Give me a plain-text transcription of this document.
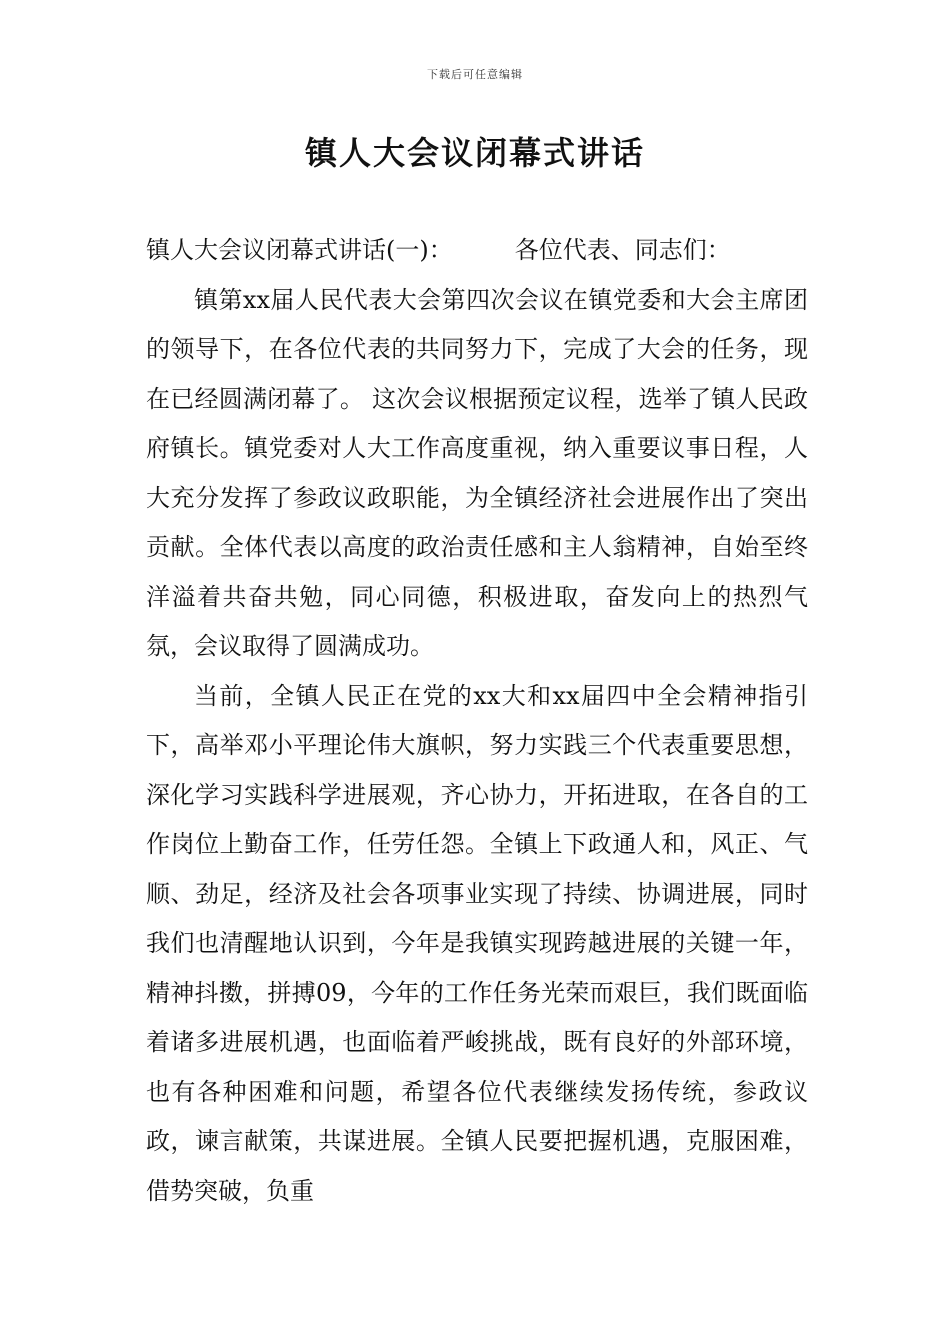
下载后可任意编辑
镇人大会议闭幕式讲话

镇人大会议闭幕式讲话(一)：	各位代表、同志们：

镇第xx届人民代表大会第四次会议在镇党委和大会主席团的领导下，在各位代表的共同努力下，完成了大会的任务，现在已经圆满闭幕了。 这次会议根据预定议程，选举了镇人民政府镇长。镇党委对人大工作高度重视，纳入重要议事日程，人大充分发挥了参政议政职能，为全镇经济社会进展作出了突出贡献。全体代表以高度的政治责任感和主人翁精神，自始至终洋溢着共奋共勉，同心同德，积极进取，奋发向上的热烈气氛，会议取得了圆满成功。

当前，全镇人民正在党的xx大和xx届四中全会精神指引下，高举邓小平理论伟大旗帜，努力实践三个代表重要思想，深化学习实践科学进展观，齐心协力，开拓进取，在各自的工作岗位上勤奋工作，任劳任怨。全镇上下政通人和，风正、气顺、劲足，经济及社会各项事业实现了持续、协调进展，同时我们也清醒地认识到，今年是我镇实现跨越进展的关键一年，精神抖擞，拼搏09，今年的工作任务光荣而艰巨，我们既面临着诸多进展机遇，也面临着严峻挑战，既有良好的外部环境，也有各种困难和问题，希望各位代表继续发扬传统，参政议政，谏言献策，共谋进展。全镇人民要把握机遇，克服困难，借势突破，负重
